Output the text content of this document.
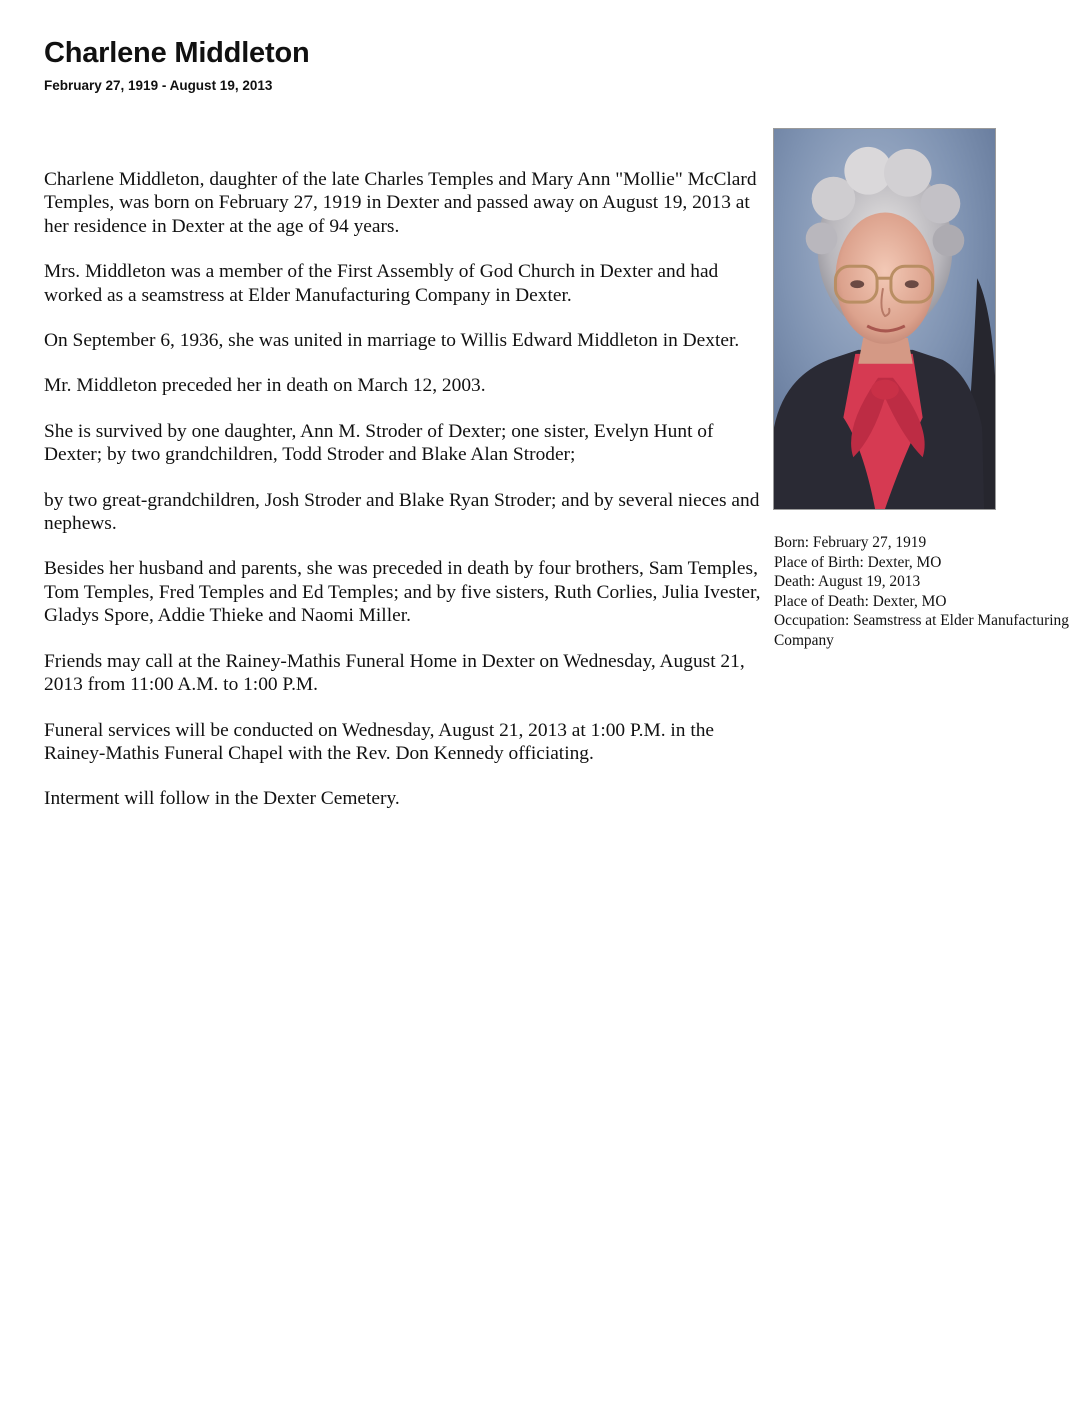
Charlene Middleton
February 27, 1919 - August 19, 2013

Charlene Middleton, daughter of the late Charles Temples and Mary Ann "Mollie" McClard Temples, was born on February 27, 1919 in Dexter and passed away on August 19, 2013 at her residence in Dexter at the age of 94 years.

Mrs. Middleton was a member of the First Assembly of God Church in Dexter and had worked as a seamstress at Elder Manufacturing Company in Dexter.

On September 6, 1936, she was united in marriage to Willis Edward Middleton in Dexter.

Mr. Middleton preceded her in death on March 12, 2003.

She is survived by one daughter, Ann M. Stroder of Dexter; one sister, Evelyn Hunt of Dexter; by two grandchildren, Todd Stroder and Blake Alan Stroder;

by two great-grandchildren, Josh Stroder and Blake Ryan Stroder; and by several nieces and nephews.

Besides her husband and parents, she was preceded in death by four brothers, Sam Temples, Tom Temples, Fred Temples and Ed Temples; and by five sisters, Ruth Corlies, Julia Ivester, Gladys Spore, Addie Thieke and Naomi Miller.

Friends may call at the Rainey-Mathis Funeral Home in Dexter on Wednesday, August 21, 2013 from 11:00 A.M. to 1:00 P.M.

Funeral services will be conducted on Wednesday, August 21, 2013 at 1:00 P.M. in the Rainey-Mathis Funeral Chapel with the Rev. Don Kennedy officiating.

Interment will follow in the Dexter Cemetery.

Born: February 27, 1919

Place of Birth: Dexter, MO

Death: August 19, 2013

Place of Death: Dexter, MO

Occupation: Seamstress at Elder Manufacturing Company
